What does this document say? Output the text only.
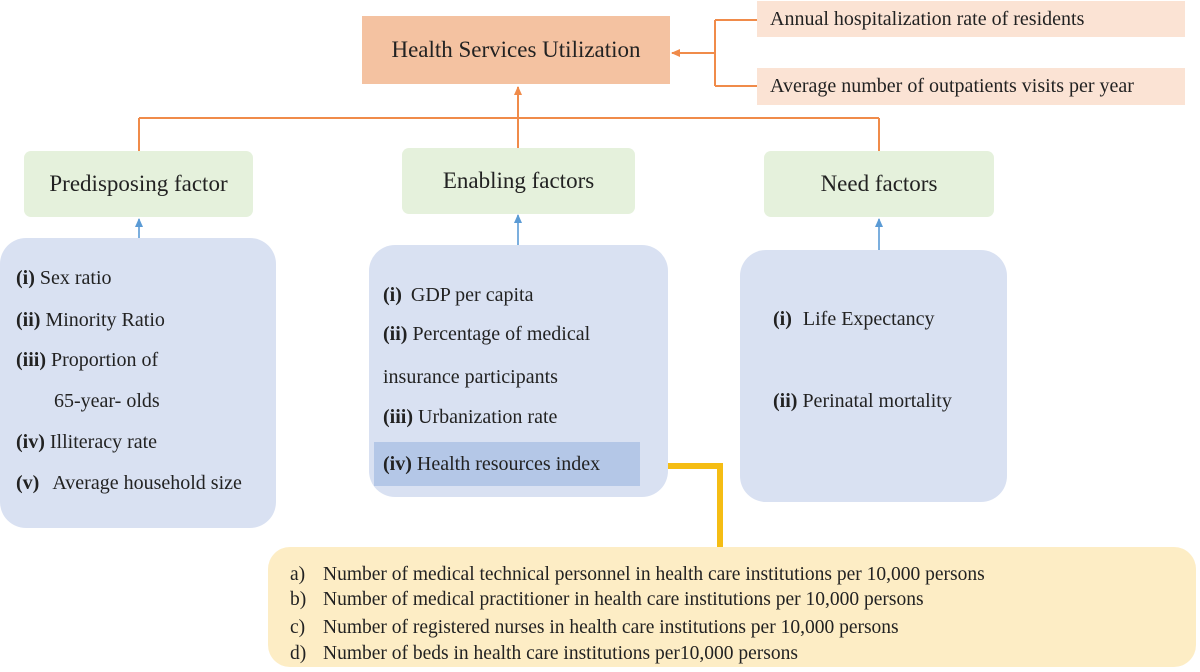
Health Services Utilization
Annual hospitalization rate of residents
Average number of outpatients visits per year
Predisposing factor	Enabling factors	Need factors
(i) Sex ratio
(ii) Minority Ratio
(iii) Proportion of
65-year- olds
(iv) Illiteracy rate
(v) Average household size
(i) GDP per capita
(ii) Percentage of medical
insurance participants
(iii) Urbanization rate
(iv) Health resources index
(i) Life Expectancy
(ii) Perinatal mortality
a) Number of medical technical personnel in health care institutions per 10,000 persons
b) Number of medical practitioner in health care institutions per 10,000 persons
c) Number of registered nurses in health care institutions per 10,000 persons
d) Number of beds in health care institutions per10,000 persons
